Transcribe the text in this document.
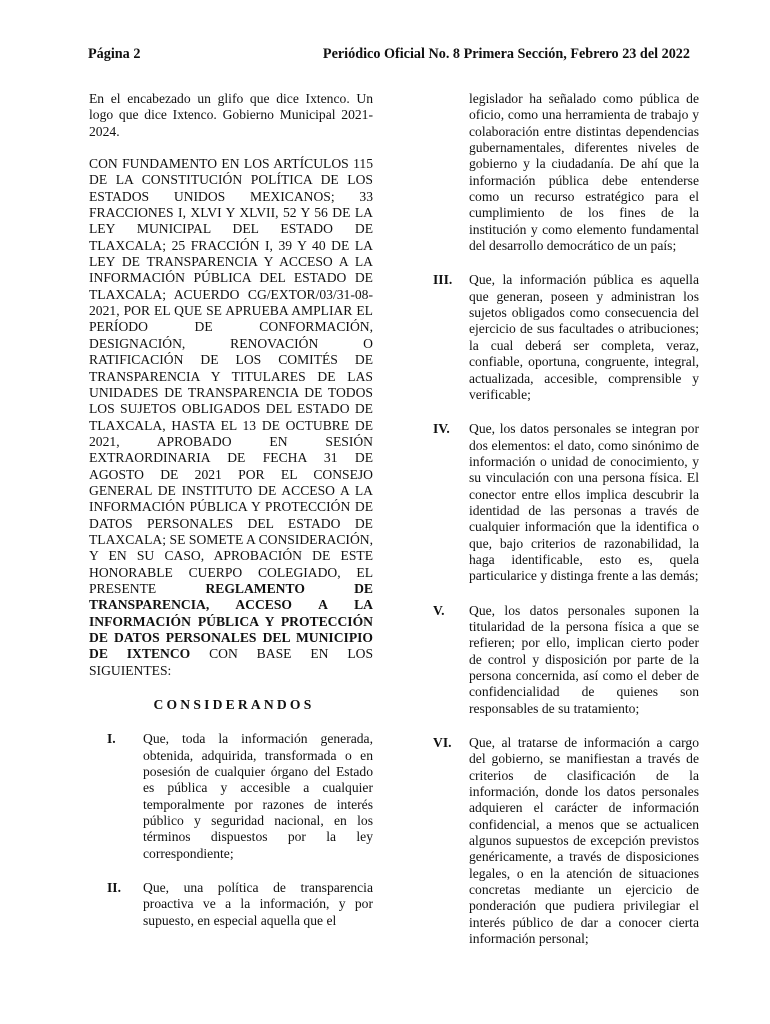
Página 2	Periódico Oficial No. 8 Primera Sección, Febrero 23 del 2022

En el encabezado un glifo que dice Ixtenco. Un logo que dice Ixtenco. Gobierno Municipal 2021-2024.

CON FUNDAMENTO EN LOS ARTÍCULOS 115 DE LA CONSTITUCIÓN POLÍTICA DE LOS ESTADOS UNIDOS MEXICANOS; 33 FRACCIONES I, XLVI Y XLVII, 52 Y 56 DE LA LEY MUNICIPAL DEL ESTADO DE TLAXCALA; 25 FRACCIÓN I, 39 Y 40 DE LA LEY DE TRANSPARENCIA Y ACCESO A LA INFORMACIÓN PÚBLICA DEL ESTADO DE TLAXCALA; ACUERDO CG/EXTOR/03/31-08-2021, POR EL QUE SE APRUEBA AMPLIAR EL PERÍODO DE CONFORMACIÓN, DESIGNACIÓN, RENOVACIÓN O RATIFICACIÓN DE LOS COMITÉS DE TRANSPARENCIA Y TITULARES DE LAS UNIDADES DE TRANSPARENCIA DE TODOS LOS SUJETOS OBLIGADOS DEL ESTADO DE TLAXCALA, HASTA EL 13 DE OCTUBRE DE 2021, APROBADO EN SESIÓN EXTRAORDINARIA DE FECHA 31 DE AGOSTO DE 2021 POR EL CONSEJO GENERAL DE INSTITUTO DE ACCESO A LA INFORMACIÓN PÚBLICA Y PROTECCIÓN DE DATOS PERSONALES DEL ESTADO DE TLAXCALA; SE SOMETE A CONSIDERACIÓN, Y EN SU CASO, APROBACIÓN DE ESTE HONORABLE CUERPO COLEGIADO, EL PRESENTE	REGLAMENTO DE TRANSPARENCIA, ACCESO A LA INFORMACIÓN PÚBLICA Y PROTECCIÓN DE DATOS PERSONALES DEL MUNICIPIO DE IXTENCO CON BASE EN LOS SIGUIENTES:

CONSIDERANDOS

I. Que, toda la información generada, obtenida, adquirida, transformada o en posesión de cualquier órgano del Estado es pública y accesible a cualquier temporalmente por razones de interés público y seguridad nacional, en los términos dispuestos por la ley correspondiente;

II. Que, una política de transparencia proactiva ve a la información, y por supuesto, en especial aquella que el

legislador ha señalado como pública de oficio, como una herramienta de trabajo y colaboración entre distintas dependencias gubernamentales, diferentes niveles de gobierno y la ciudadanía. De ahí que la información pública debe entenderse como un recurso estratégico para el cumplimiento de los fines de la institución y como elemento fundamental del desarrollo democrático de un país;

III. Que, la información pública es aquella que generan, poseen y administran los sujetos obligados como consecuencia del ejercicio de sus facultades o atribuciones; la cual deberá ser completa, veraz, confiable, oportuna, congruente, integral, actualizada, accesible, comprensible y verificable;

IV. Que, los datos personales se integran por dos elementos: el dato, como sinónimo de información o unidad de conocimiento, y su vinculación con una persona física. El conector entre ellos implica descubrir la identidad de las personas a través de cualquier información que la identifica o que, bajo criterios de razonabilidad, la haga identificable, esto es, quela particularice y distinga frente a las demás;

V. Que, los datos personales suponen la titularidad de la persona física a que se refieren; por ello, implican cierto poder de control y disposición por parte de la persona concernida, así como el deber de confidencialidad de quienes son responsables de su tratamiento;

VI. Que, al tratarse de información a cargo del gobierno, se manifiestan a través de criterios de clasificación de la información, donde los datos personales adquieren el carácter de información confidencial, a menos que se actualicen algunos supuestos de excepción previstos genéricamente, a través de disposiciones legales, o en la atención de situaciones concretas mediante un ejercicio de ponderación que pudiera privilegiar el interés público de dar a conocer cierta información personal;
